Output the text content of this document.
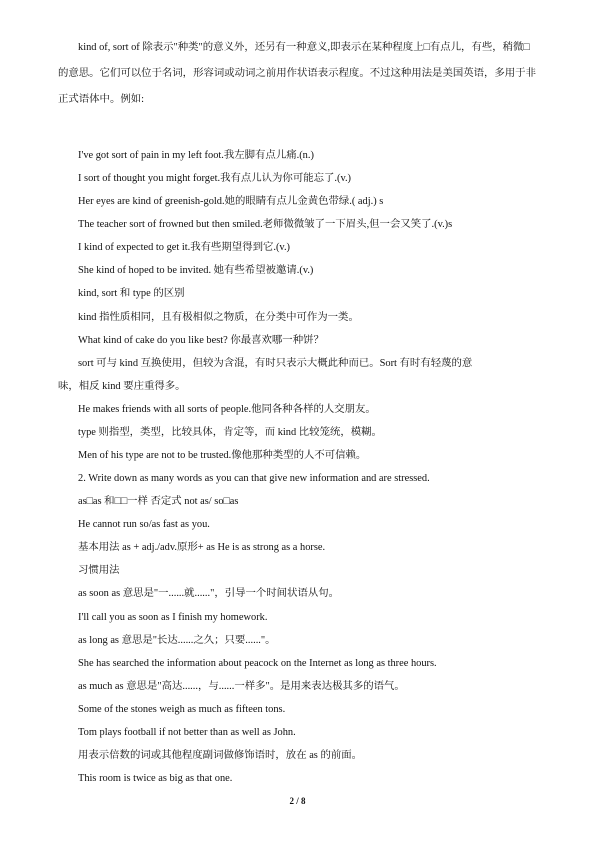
kind of, sort of 除表示"种类"的意义外，还另有一种意义,即表示在某种程度上□有点儿，有些，稍微□的意思。它们可以位于名词，形容词或动词之前用作状语表示程度。不过这种用法是美国英语，多用于非正式语体中。例如:
2 / 8
I've got sort of pain in my left foot.我左脚有点儿痛.(n.)
I sort of thought you might forget.我有点儿认为你可能忘了.(v.)
Her eyes are kind of greenish-gold.她的眼睛有点儿金黄色带绿.( adj.) s
The teacher sort of frowned but then smiled.老师微微皱了一下眉头,但一会又笑了.(v.)s
I kind of expected to get it.我有些期望得到它.(v.)
She kind of hoped to be invited. 她有些希望被邀请.(v.)
kind, sort 和 type 的区别
kind 指性质相同，且有极相似之物质，在分类中可作为一类。
What kind of cake do you like best? 你最喜欢哪一种饼？
sort 可与 kind 互换使用，但较为含混，有时只表示大概此种而已。Sort 有时有轻蔑的意
味，相反 kind 要庄重得多。
He makes friends with all sorts of people.他同各种各样的人交朋友。
type 则指型，类型，比较具体，肯定等，而 kind 比较笼统，模糊。
Men of his type are not to be trusted.像他那种类型的人不可信赖。
2. Write down as many words as you can that give new information and are stressed.
as□as 和□□一样 否定式 not as/ so□as
He cannot run so/as fast as you.
基本用法 as + adj./adv.原形+ as He is as strong as a horse.
习惯用法
as soon as 意思是"一......就......"，引导一个时间状语从句。
I'll call you as soon as I finish my homework.
as long as 意思是"长达......之久；只要......"。
She has searched the information about peacock on the Internet as long as three hours.
as much as 意思是"高达......，与......一样多"。是用来表达极其多的语气。
Some of the stones weigh as much as fifteen tons.
Tom plays football if not better than as well as John.
用表示倍数的词或其他程度副词做修饰语时，放在 as 的前面。
This room is twice as big as that one.
